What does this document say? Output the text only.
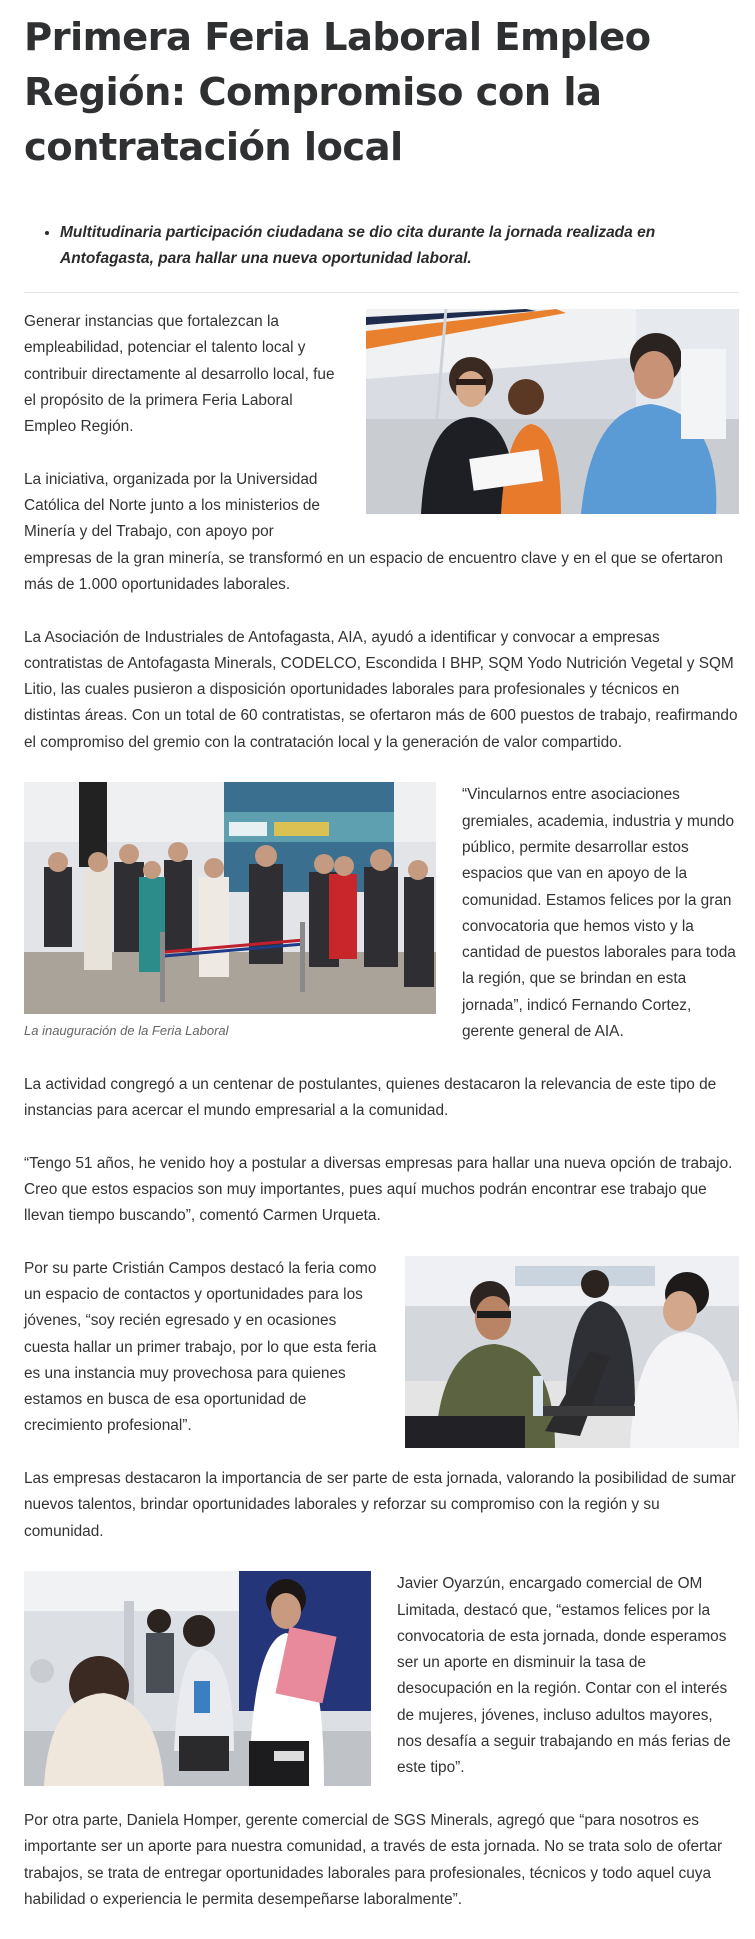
Primera Feria Laboral Empleo Región: Compromiso con la contratación local
• Multitudinaria participación ciudadana se dio cita durante la jornada realizada en Antofagasta, para hallar una nueva oportunidad laboral.

Generar instancias que fortalezcan la empleabilidad, potenciar el talento local y contribuir directamente al desarrollo local, fue el propósito de la primera Feria Laboral Empleo Región.

La iniciativa, organizada por la Universidad Católica del Norte junto a los ministerios de Minería y del Trabajo, con apoyo por empresas de la gran minería, se transformó en un espacio de encuentro clave y en el que se ofertaron más de 1.000 oportunidades laborales.

La Asociación de Industriales de Antofagasta, AIA, ayudó a identificar y convocar a empresas contratistas de Antofagasta Minerals, CODELCO, Escondida I BHP, SQM Yodo Nutrición Vegetal y SQM Litio, las cuales pusieron a disposición oportunidades laborales para profesionales y técnicos en distintas áreas. Con un total de 60 contratistas, se ofertaron más de 600 puestos de trabajo, reafirmando el compromiso del gremio con la contratación local y la generación de valor compartido.

La inauguración de la Feria Laboral

“Vincularnos entre asociaciones gremiales, academia, industria y mundo público, permite desarrollar estos espacios que van en apoyo de la comunidad. Estamos felices por la gran convocatoria que hemos visto y la cantidad de puestos laborales para toda la región, que se brindan en esta jornada”, indicó Fernando Cortez, gerente general de AIA.

La actividad congregó a un centenar de postulantes, quienes destacaron la relevancia de este tipo de instancias para acercar el mundo empresarial a la comunidad.

“Tengo 51 años, he venido hoy a postular a diversas empresas para hallar una nueva opción de trabajo. Creo que estos espacios son muy importantes, pues aquí muchos podrán encontrar ese trabajo que llevan tiempo buscando”, comentó Carmen Urqueta.

Por su parte Cristián Campos destacó la feria como un espacio de contactos y oportunidades para los jóvenes, “soy recién egresado y en ocasiones cuesta hallar un primer trabajo, por lo que esta feria es una instancia muy provechosa para quienes estamos en busca de esa oportunidad de crecimiento profesional”.

Las empresas destacaron la importancia de ser parte de esta jornada, valorando la posibilidad de sumar nuevos talentos, brindar oportunidades laborales y reforzar su compromiso con la región y su comunidad.

Javier Oyarzún, encargado comercial de OM Limitada, destacó que, “estamos felices por la convocatoria de esta jornada, donde esperamos ser un aporte en disminuir la tasa de desocupación en la región. Contar con el interés de mujeres, jóvenes, incluso adultos mayores, nos desafía a seguir trabajando en más ferias de este tipo”.

Por otra parte, Daniela Homper, gerente comercial de SGS Minerals, agregó que “para nosotros es importante ser un aporte para nuestra comunidad, a través de esta jornada. No se trata solo de ofertar trabajos, se trata de entregar oportunidades laborales para profesionales, técnicos y todo aquel cuya habilidad o experiencia le permita desempeñarse laboralmente”.
